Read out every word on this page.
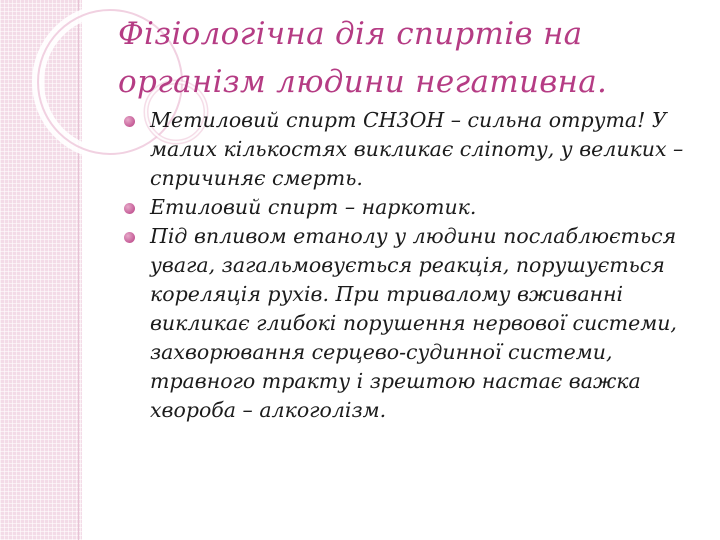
Фізіологічна дія спиртів на
організм людини негативна.
Метиловий спирт СН3ОН – сильна отрута! У малих кількостях викликає сліпоту, у великих – спричиняє смерть.
Етиловий спирт – наркотик.
Під впливом етанолу у людини послаблюється увага, загальмовується реакція, порушується кореляція рухів. При тривалому вживанні викликає глибокі порушення нервової системи, захворювання серцево-судинної системи, травного тракту і зрештою настає важка хвороба – алкоголізм.
